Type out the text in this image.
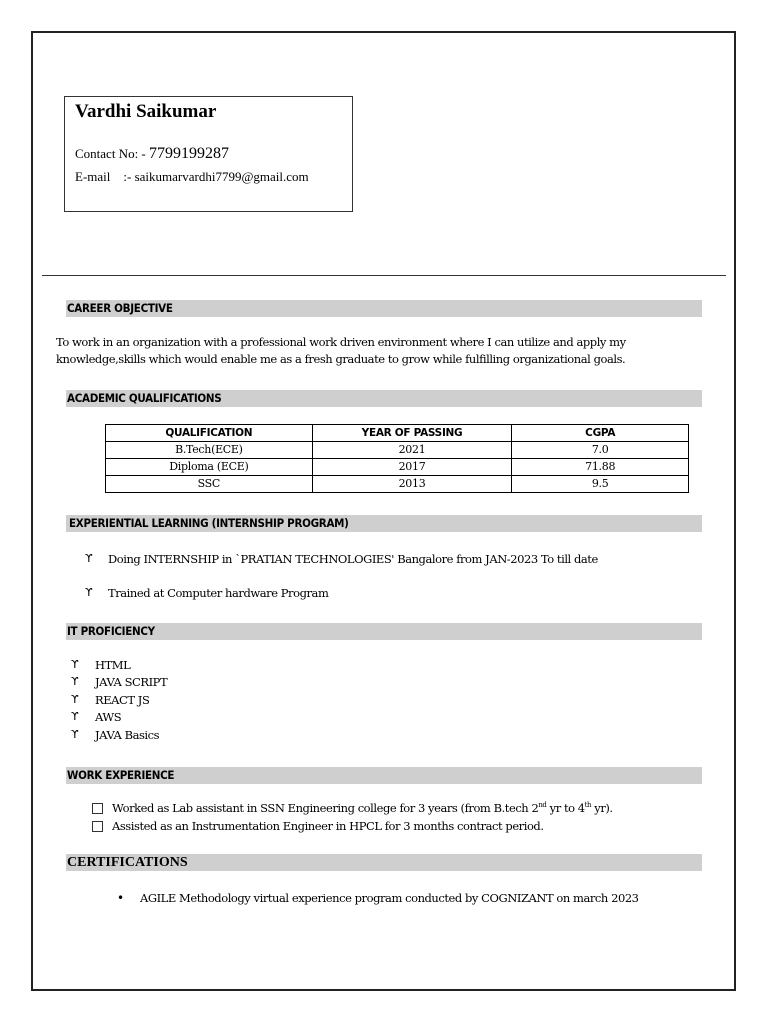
Vardhi Saikumar
Contact No: - 7799199287
E-mail    :- saikumarvardhi7799@gmail.com
CAREER OBJECTIVE
To work in an organization with a professional work driven environment where I can utilize and apply my
knowledge,skills which would enable me as a fresh graduate to grow while fulfilling organizational goals.
ACADEMIC QUALIFICATIONS
QUALIFICATION	YEAR OF PASSING	CGPA
B.Tech(ECE)	2021	7.0
Diploma (ECE)	2017	71.88
SSC	2013	9.5
EXPERIENTIAL LEARNING (INTERNSHIP PROGRAM)
ϒ Doing INTERNSHIP in `PRATIAN TECHNOLOGIES' Bangalore from JAN-2023 To till date
ϒ Trained at Computer hardware Program
IT PROFICIENCY
ϒ HTML
ϒ JAVA SCRIPT
ϒ REACT JS
ϒ AWS
ϒ JAVA Basics
WORK EXPERIENCE
Worked as Lab assistant in SSN Engineering college for 3 years (from B.tech 2nd yr to 4th yr).
Assisted as an Instrumentation Engineer in HPCL for 3 months contract period.
CERTIFICATIONS
• AGILE Methodology virtual experience program conducted by COGNIZANT on march 2023
